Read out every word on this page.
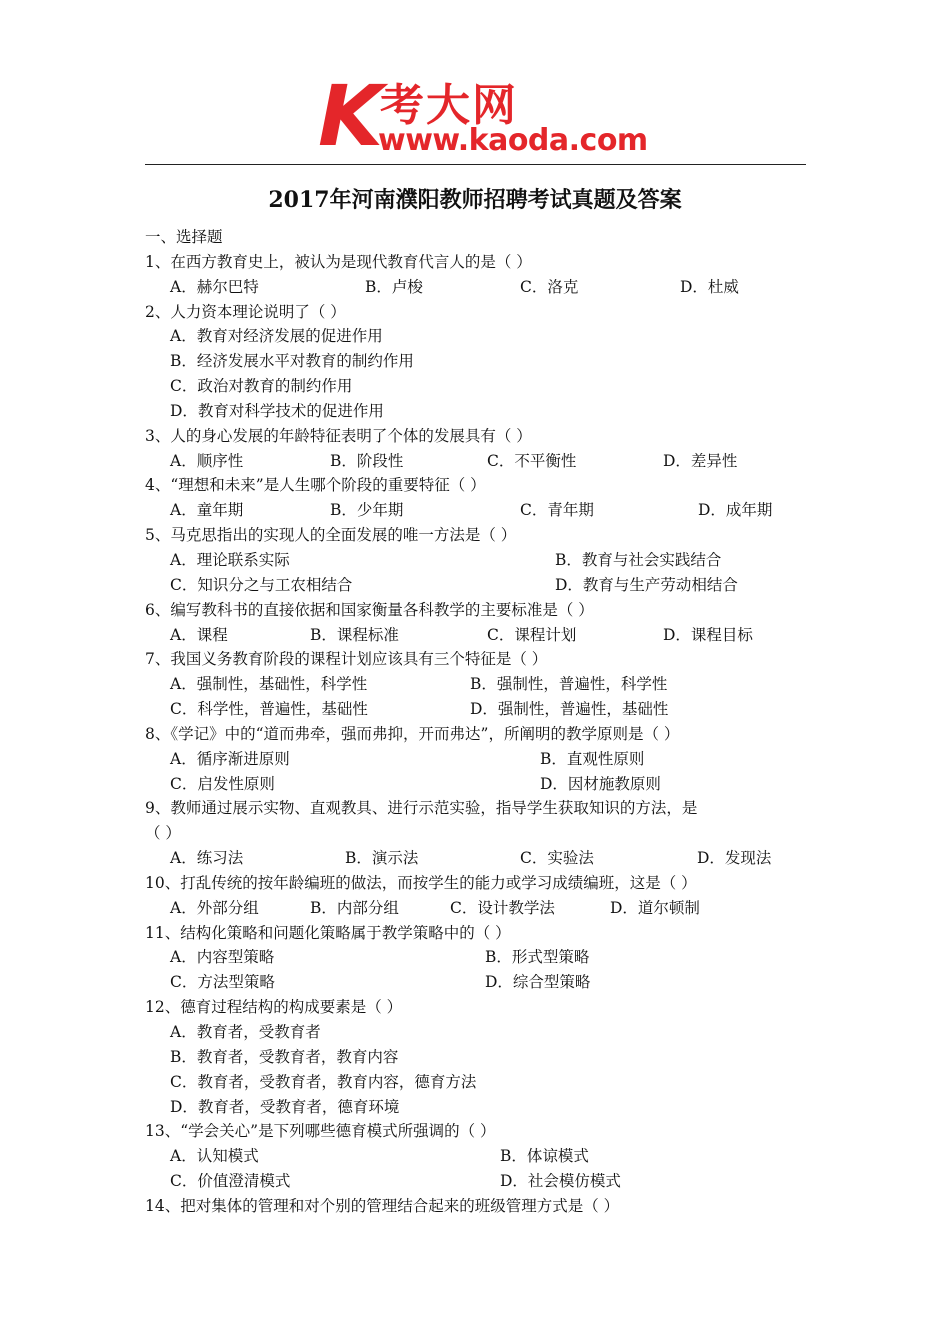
K 考大网
www.kaoda.com
2017年河南濮阳教师招聘考试真题及答案
一、选择题
1、在西方教育史上，被认为是现代教育代言人的是（ ）
A．赫尔巴特	B．卢梭	C．洛克	D．杜威
2、人力资本理论说明了（ ）
A．教育对经济发展的促进作用
B．经济发展水平对教育的制约作用
C．政治对教育的制约作用
D．教育对科学技术的促进作用
3、人的身心发展的年龄特征表明了个体的发展具有（ ）
A．顺序性	B．阶段性	C．不平衡性	D．差异性
4、“理想和未来”是人生哪个阶段的重要特征（ ）
A．童年期	B．少年期	C．青年期	D．成年期
5、马克思指出的实现人的全面发展的唯一方法是（ ）
A．理论联系实际	B．教育与社会实践结合
C．知识分之与工农相结合	D．教育与生产劳动相结合
6、编写教科书的直接依据和国家衡量各科教学的主要标准是（ ）
A．课程	B．课程标准	C．课程计划	D．课程目标
7、我国义务教育阶段的课程计划应该具有三个特征是（ ）
A．强制性，基础性，科学性	B．强制性，普遍性，科学性
C．科学性，普遍性，基础性	D．强制性，普遍性，基础性
8、《学记》中的“道而弗牵，强而弗抑，开而弗达”，所阐明的教学原则是（ ）
A．循序渐进原则	B．直观性原则
C．启发性原则	D．因材施教原则
9、教师通过展示实物、直观教具、进行示范实验，指导学生获取知识的方法，是
（ ）
A．练习法	B．演示法	C．实验法	D．发现法
10、打乱传统的按年龄编班的做法，而按学生的能力或学习成绩编班，这是（ ）
A．外部分组	B．内部分组	C．设计教学法	D．道尔顿制
11、结构化策略和问题化策略属于教学策略中的（ ）
A．内容型策略	B．形式型策略
C．方法型策略	D．综合型策略
12、德育过程结构的构成要素是（ ）
A．教育者，受教育者
B．教育者，受教育者，教育内容
C．教育者，受教育者，教育内容，德育方法
D．教育者，受教育者，德育环境
13、“学会关心”是下列哪些德育模式所强调的（ ）
A．认知模式	B．体谅模式
C．价值澄清模式	D．社会模仿模式
14、把对集体的管理和对个别的管理结合起来的班级管理方式是（ ）
